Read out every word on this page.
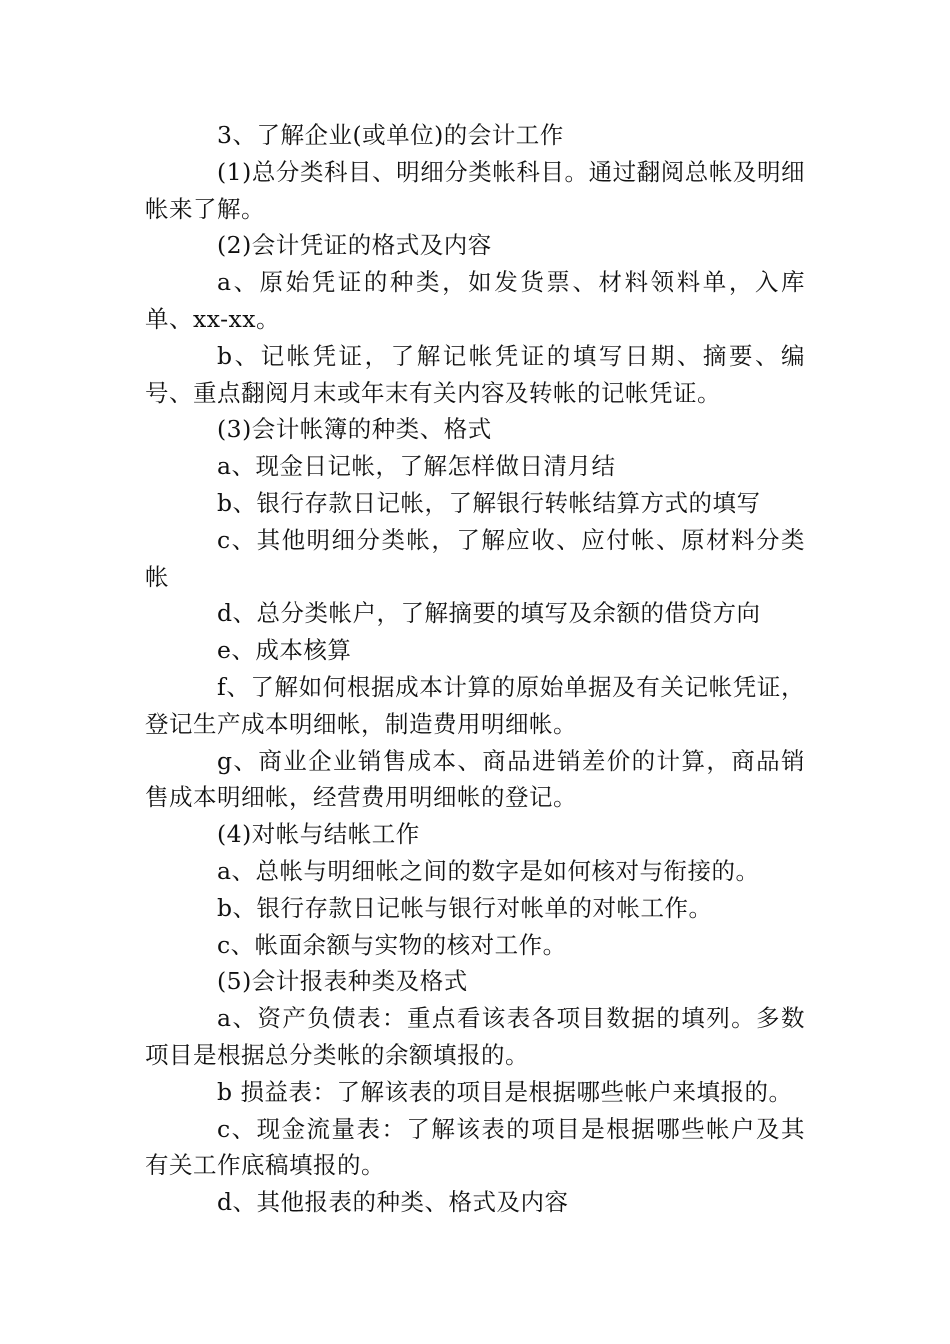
3、了解企业(或单位)的会计工作

(1)总分类科目、明细分类帐科目。通过翻阅总帐及明细帐来了解。

(2)会计凭证的格式及内容

a、原始凭证的种类，如发货票、材料领料单，入库单、xx-xx。

b、记帐凭证，了解记帐凭证的填写日期、摘要、编号、重点翻阅月末或年末有关内容及转帐的记帐凭证。

(3)会计帐簿的种类、格式

a、现金日记帐，了解怎样做日清月结

b、银行存款日记帐，了解银行转帐结算方式的填写

c、其他明细分类帐，了解应收、应付帐、原材料分类帐

d、总分类帐户，了解摘要的填写及余额的借贷方向

e、成本核算

f、了解如何根据成本计算的原始单据及有关记帐凭证，登记生产成本明细帐，制造费用明细帐。

g、商业企业销售成本、商品进销差价的计算，商品销售成本明细帐，经营费用明细帐的登记。

(4)对帐与结帐工作

a、总帐与明细帐之间的数字是如何核对与衔接的。

b、银行存款日记帐与银行对帐单的对帐工作。

c、帐面余额与实物的核对工作。

(5)会计报表种类及格式

a、资产负债表：重点看该表各项目数据的填列。多数项目是根据总分类帐的余额填报的。

b 损益表：了解该表的项目是根据哪些帐户来填报的。

c、现金流量表：了解该表的项目是根据哪些帐户及其有关工作底稿填报的。

d、其他报表的种类、格式及内容
